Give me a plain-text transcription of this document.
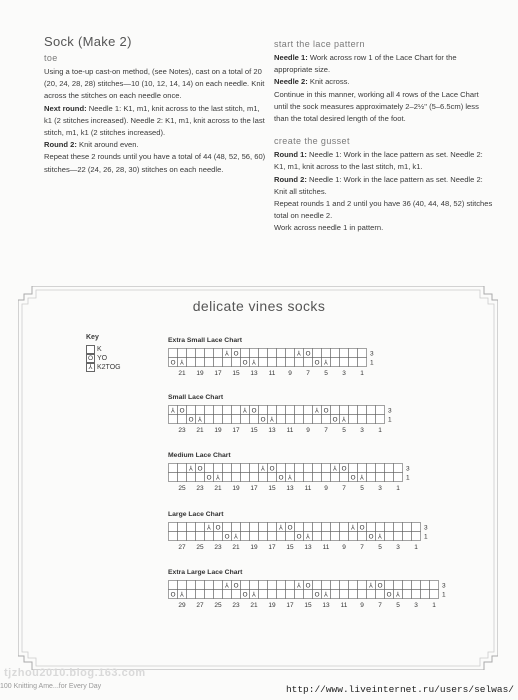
Sock (Make 2)
toe

Using a toe-up cast-on method, (see Notes), cast on a total of 20 (20, 24, 28, 28) stitches—10 (10, 12, 14, 14) on each needle. Knit across the stitches on each needle once.

Next round: Needle 1: K1, m1, knit across to the last stitch, m1, k1 (2 stitches increased). Needle 2: K1, m1, knit across to the last stitch, m1, k1 (2 stitches increased).

Round 2: Knit around even.

Repeat these 2 rounds until you have a total of 44 (48, 52, 56, 60) stitches—22 (24, 26, 28, 30) stitches on each needle.

start the lace pattern

Needle 1: Work across row 1 of the Lace Chart for the appropriate size.

Needle 2: Knit across.

Continue in this manner, working all 4 rows of the Lace Chart until the sock measures approximately 2–2½" (5–6.5cm) less than the total desired length of the foot.

create the gusset

Round 1: Needle 1: Work in the lace pattern as set. Needle 2: K1, m1, knit across to the last stitch, m1, k1.

Round 2: Needle 1: Work in the lace pattern as set. Needle 2: Knit all stitches.

Repeat rounds 1 and 2 until you have 36 (40, 44, 48, 52) stitches total on needle 2.

Work across needle 1 in pattern.

delicate vines socks
Key
K
O YO
⅄ K2TOG
Extra Small Lace Chart
O ⅄
⅄ O
O ⅄
⅄ O
O ⅄
3
1
21 19 17 15 13 11 9 7 5 3 1
Small Lace Chart
⅄ O
O ⅄
⅄ O
O ⅄
⅄ O
O ⅄
3
1
23 21 19 17 15 13 11 9 7 5 3 1
Medium Lace Chart
⅄ O
O ⅄
⅄ O
O ⅄
⅄ O
O ⅄
3
1
25 23 21 19 17 15 13 11 9 7 5 3 1
Large Lace Chart
⅄ O
O ⅄
⅄ O
O ⅄
⅄ O
O ⅄
3
1
27 25 23 21 19 17 15 13 11 9 7 5 3 1
Extra Large Lace Chart
O ⅄
⅄ O
O ⅄
⅄ O
O ⅄
⅄ O
O ⅄
3
1
29 27 25 23 21 19 17 15 13 11 9 7 5 3 1
100 Knitting Ame...for Every Day
tjzhou2010.blog.163.com
http://www.liveinternet.ru/users/selwas/
